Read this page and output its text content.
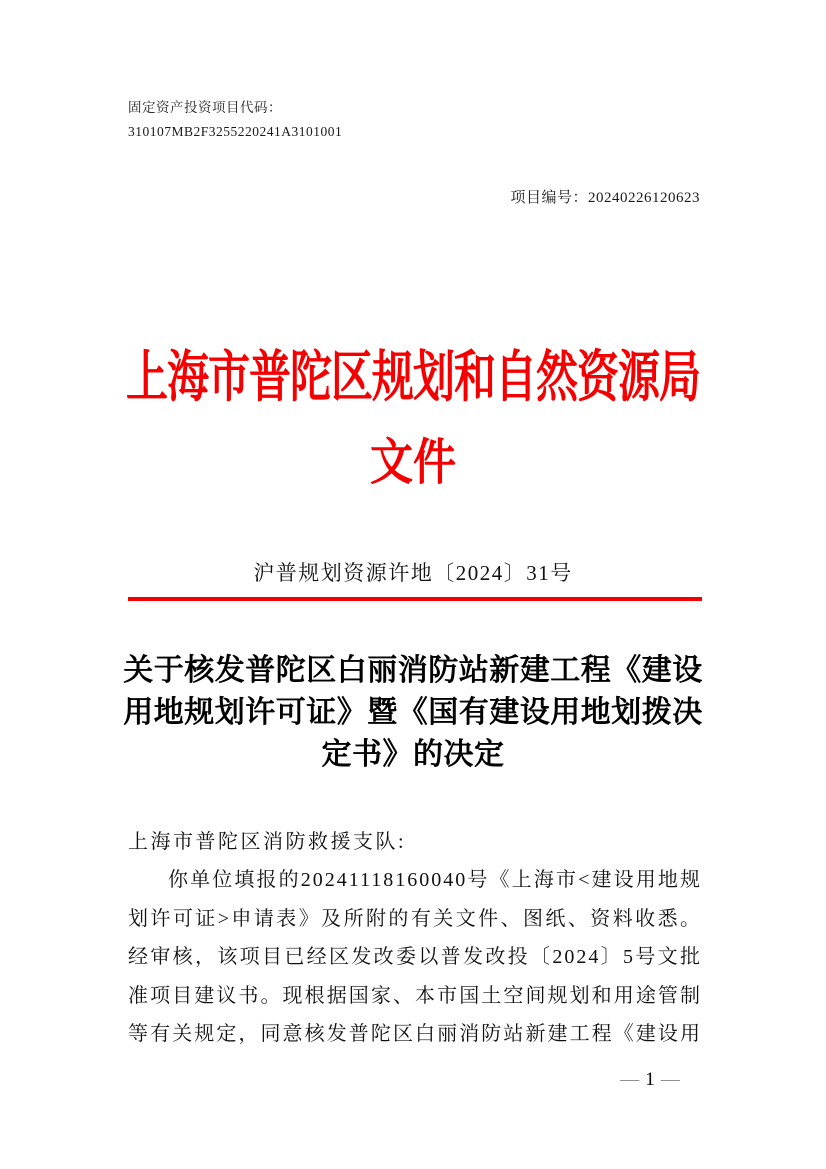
固定资产投资项目代码：
310107MB2F3255220241A3101001
项目编号：20240226120623
上海市普陀区规划和自然资源局
文件
沪普规划资源许地〔2024〕31号
关于核发普陀区白丽消防站新建工程《建设
用地规划许可证》暨《国有建设用地划拨决
定书》的决定
上海市普陀区消防救援支队:
你单位填报的20241118160040号《上海市<建设用地规
划许可证>申请表》及所附的有关文件、图纸、资料收悉。
经审核，该项目已经区发改委以普发改投〔2024〕5号文批
准项目建议书。现根据国家、本市国土空间规划和用途管制
等有关规定，同意核发普陀区白丽消防站新建工程《建设用
— 1 —
